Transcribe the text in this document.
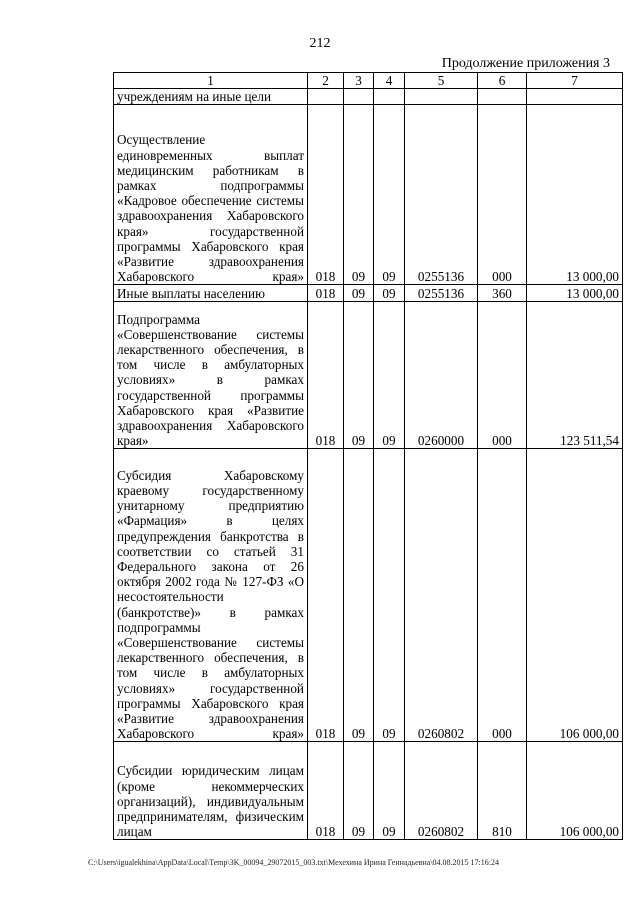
212
Продолжение приложения 3
1	2	3	4	5	6	7
учреждениям на иные цели						
Осуществление единовременных выплат медицинским работникам в рамках подпрограммы «Кадровое обеспечение системы здравоохранения Хабаровского края» государственной программы Хабаровского края «Развитие здравоохранения Хабаровского края»	018	09	09	0255136	000	13 000,00
Иные выплаты населению	018	09	09	0255136	360	13 000,00
Подпрограмма «Совершенствование системы лекарственного обеспечения, в том числе в амбулаторных условиях» в рамках государственной программы Хабаровского края «Развитие здравоохранения Хабаровского края»	018	09	09	0260000	000	123 511,54
Субсидия Хабаровскому краевому государственному унитарному предприятию «Фармация» в целях предупреждения банкротства в соответствии со статьей 31 Федерального закона от 26 октября 2002 года № 127-ФЗ «О несостоятельности (банкротстве)» в рамках подпрограммы «Совершенствование системы лекарственного обеспечения, в том числе в амбулаторных условиях» государственной программы Хабаровского края «Развитие здравоохранения Хабаровского края»	018	09	09	0260802	000	106 000,00
Субсидии юридическим лицам (кроме некоммерческих организаций), индивидуальным предпринимателям, физическим лицам	018	09	09	0260802	810	106 000,00
C:\Users\igualekhina\AppData\Local\Temp\3K_00094_29072015_003.txt\Мехехина Ирина Геннадьевна\04.08.2015 17:16:24
